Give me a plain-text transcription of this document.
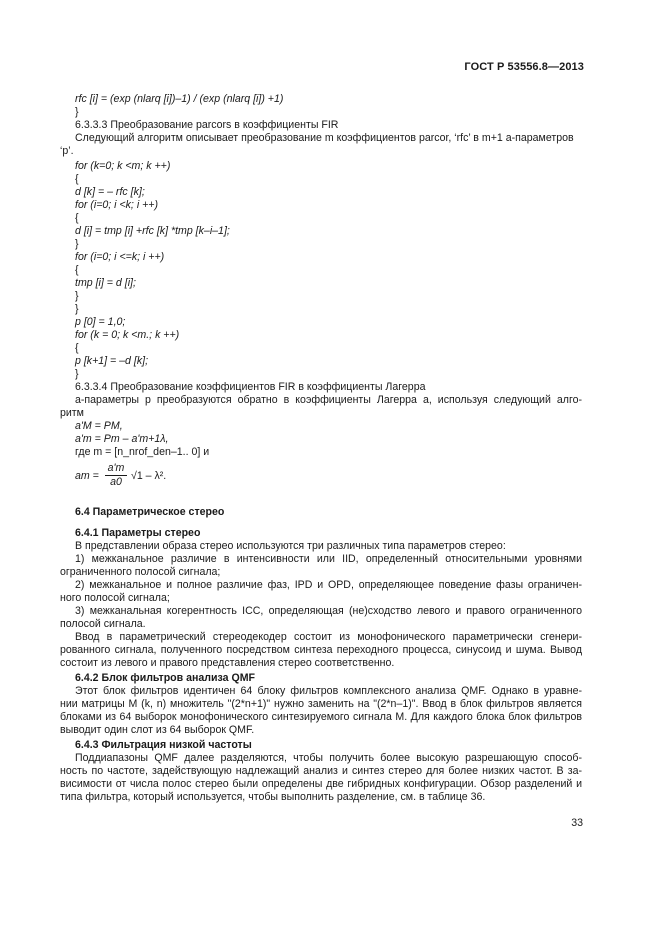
ГОСТ Р 53556.8—2013
rfc [i] = (exp (nlarq [i])–1) / (exp (nlarq [i]) +1)
}
6.3.3.3 Преобразование parcors в коэффициенты FIR
Следующий алгоритм описывает преобразование m коэффициентов parcor, ‘rfc’ в m+1 a-параметров
‘p’.
for (k=0; k <m; k ++)
{
d [k] = – rfc [k];
for (i=0; i <k; i ++)
{
d [i] = tmp [i] +rfc [k] *tmp [k–i–1];
}
for (i=0; i <=k; i ++)
{
tmp [i] = d [i];
}
}
p [0] = 1,0;
for (k = 0; k <m.; k ++)
{
p [k+1] = –d [k];
}
6.3.3.4 Преобразование коэффициентов FIR в коэффициенты Лагерра
a-параметры p преобразуются обратно в коэффициенты Лагерра a, используя следующий алго-
ритм
a'M = PM,
a'm = Pm – a'm+1λ,
где m = [n_nrof_den–1.. 0] и
am = $\frac{a'm}{a0} √1 - \lambda^2$.
6.4 Параметрическое стерео
6.4.1 Параметры стерео
В представлении образа стерео используются три различных типа параметров стерео:
1) межканальное различие в интенсивности или IID, определенный относительными уровнями
ограниченного полосой сигнала;
2) межканальное и полное различие фаз, IPD и OPD, определяющее поведение фазы ограничен-
ного полосой сигнала;
3) межканальная когерентность ICC, определяющая (не)сходство левого и правого ограниченного
полосой сигнала.
Ввод в параметрический стереодекодер состоит из монофонического параметрически сгенери-
рованного сигнала, полученного посредством синтеза переходного процесса, синусоид и шума. Вывод
состоит из левого и правого представления стерео соответственно.
6.4.2 Блок фильтров анализа QMF
Этот блок фильтров идентичен 64 блоку фильтров комплексного анализа QMF. Однако в уравне-
нии матрицы M (k, n) множитель "(2*n+1)" нужно заменить на "(2*n–1)". Ввод в блок фильтров является
блоками из 64 выборок монофонического синтезируемого сигнала M. Для каждого блока блок фильтров
выводит один слот из 64 выборок QMF.
6.4.3 Фильтрация низкой частоты
Поддиапазоны QMF далее разделяются, чтобы получить более высокую разрешающую способ-
ность по частоте, задействующую надлежащий анализ и синтез стерео для более низких частот. В за-
висимости от числа полос стерео были определены две гибридных конфигурации. Обзор разделений и
типа фильтра, который используется, чтобы выполнить разделение, см. в таблице 36.
33
